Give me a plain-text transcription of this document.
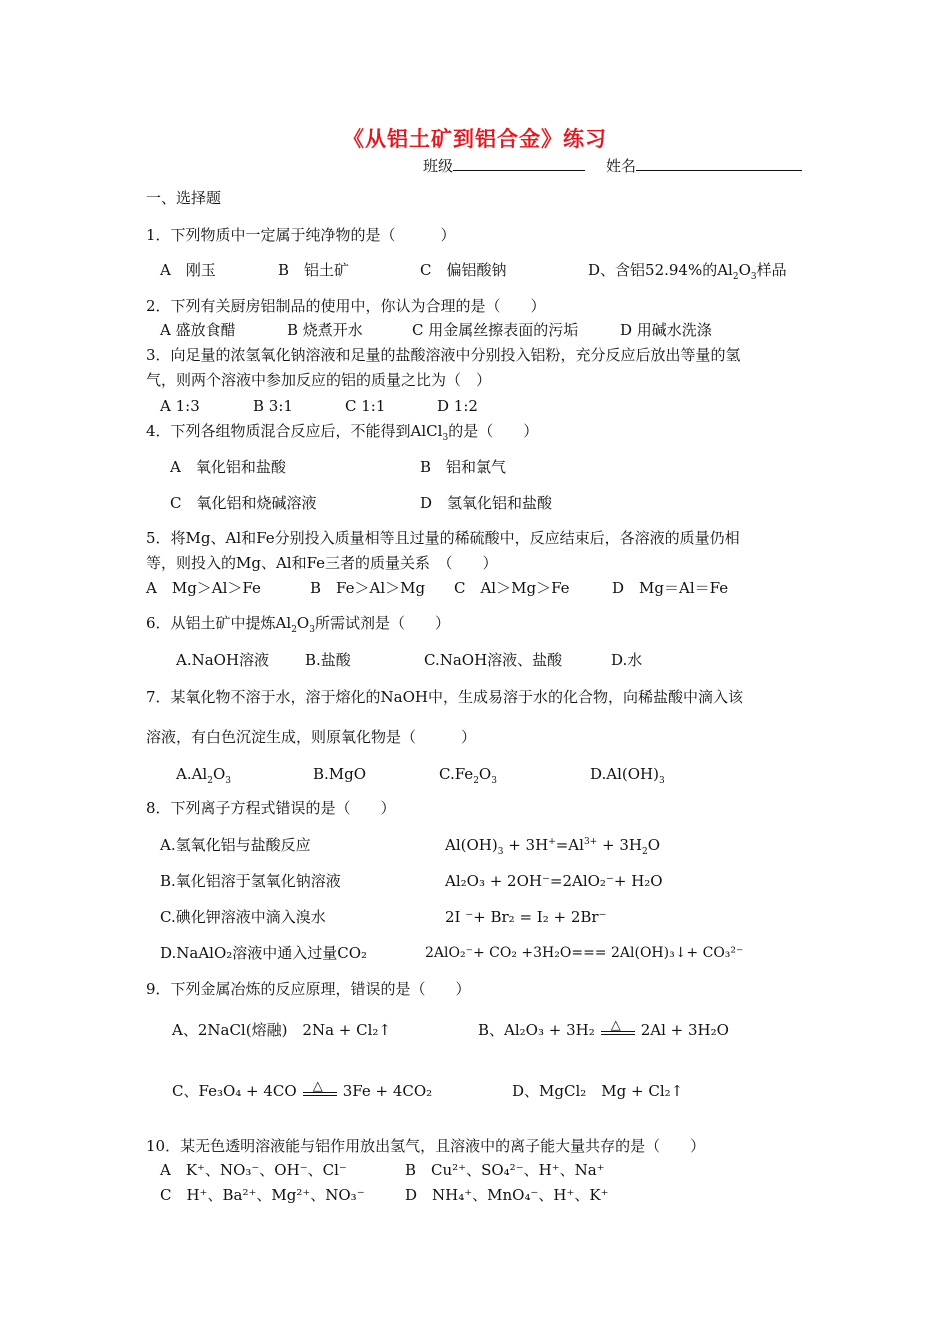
《从铝土矿到铝合金》练习
班级	姓名
一、选择题
1．下列物质中一定属于纯净物的是（　　　）
A　刚玉	B　铝土矿	C　偏铝酸钠	D、含铝52.94%的$Al_2O_3$样品
2．下列有关厨房铝制品的使用中，你认为合理的是（　　）
A 盛放食醋	B 烧煮开水	C 用金属丝擦表面的污垢	D 用碱水洗涤
3．向足量的浓氢氧化钠溶液和足量的盐酸溶液中分别投入铝粉，充分反应后放出等量的氢
气，则两个溶液中参加反应的铝的质量之比为（　）
A 1:3	B 3:1	C 1:1	D 1:2
4．下列各组物质混合反应后，不能得到AlCl$_3$的是（　　）
A　氧化铝和盐酸	B　铝和氯气
C　氧化铝和烧碱溶液	D　氢氧化铝和盐酸
5．将Mg、Al和Fe分别投入质量相等且过量的稀硫酸中，反应结束后，各溶液的质量仍相
等，则投入的Mg、Al和Fe三者的质量关系　（　　）
A　Mg＞Al＞Fe	B　Fe＞Al＞Mg C　Al＞Mg＞Fe	D　Mg＝Al＝Fe
6．从铝土矿中提炼$Al_2O_3$所需试剂是（　　）
A.NaOH溶液 B.盐酸	C.NaOH溶液、盐酸	D.水
7．某氧化物不溶于水，溶于熔化的NaOH中，生成易溶于水的化合物，向稀盐酸中滴入该
溶液，有白色沉淀生成，则原氧化物是（　　　）
$A.Al_2O_3$	B.MgO	$C.Fe_2O_3$	$D.Al(OH)_3$
8．下列离子方程式错误的是（　　）
A.氢氧化铝与盐酸反应	$Al(OH)_3 + 3H^+=Al^{3+} + 3H_2O$
B.氧化铝溶于氢氧化钠溶液	Al₂O₃ + 2OH⁻=2AlO₂⁻+ H₂O
C.碘化钾溶液中滴入溴水	2I ⁻+ Br₂ = I₂ + 2Br⁻
D.NaAlO₂溶液中通入过量CO₂	2AlO₂⁻+ CO₂ +3H₂O=== 2Al(OH)₃↓+ CO₃²⁻
9．下列金属冶炼的反应原理，错误的是（　　）
A、2NaCl(熔融)　2Na + Cl₂↑	B、Al₂O₃ + 3H₂ △ 2Al + 3H₂O
C、Fe₃O₄ + 4CO △ 3Fe + 4CO₂	D、MgCl₂　Mg + Cl₂↑
10．某无色透明溶液能与铝作用放出氢气，且溶液中的离子能大量共存的是（　　）
A　K⁺、NO₃⁻、OH⁻、Cl⁻	B　Cu²⁺、SO₄²⁻、H⁺、Na⁺
C　H⁺、Ba²⁺、Mg²⁺、NO₃⁻	D　NH₄⁺、MnO₄⁻、H⁺、K⁺
